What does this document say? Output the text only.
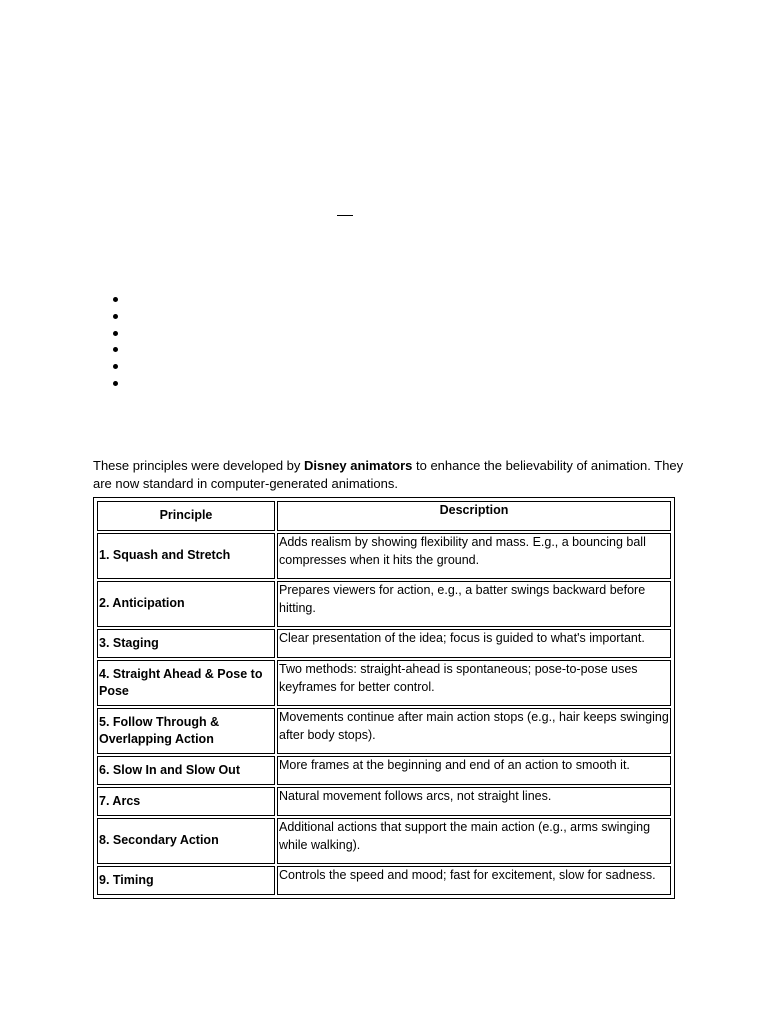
These principles were developed by Disney animators to enhance the believability of animation. They are now standard in computer-generated animations.

Principle	Description
1. Squash and Stretch	Adds realism by showing flexibility and mass. E.g., a bouncing ball compresses when it hits the ground.
2. Anticipation	Prepares viewers for action, e.g., a batter swings backward before hitting.
3. Staging	Clear presentation of the idea; focus is guided to what's important.
4. Straight Ahead & Pose to Pose	Two methods: straight-ahead is spontaneous; pose-to-pose uses keyframes for better control.
5. Follow Through & Overlapping Action	Movements continue after main action stops (e.g., hair keeps swinging after body stops).
6. Slow In and Slow Out	More frames at the beginning and end of an action to smooth it.
7. Arcs	Natural movement follows arcs, not straight lines.
8. Secondary Action	Additional actions that support the main action (e.g., arms swinging while walking).
9. Timing	Controls the speed and mood; fast for excitement, slow for sadness.
